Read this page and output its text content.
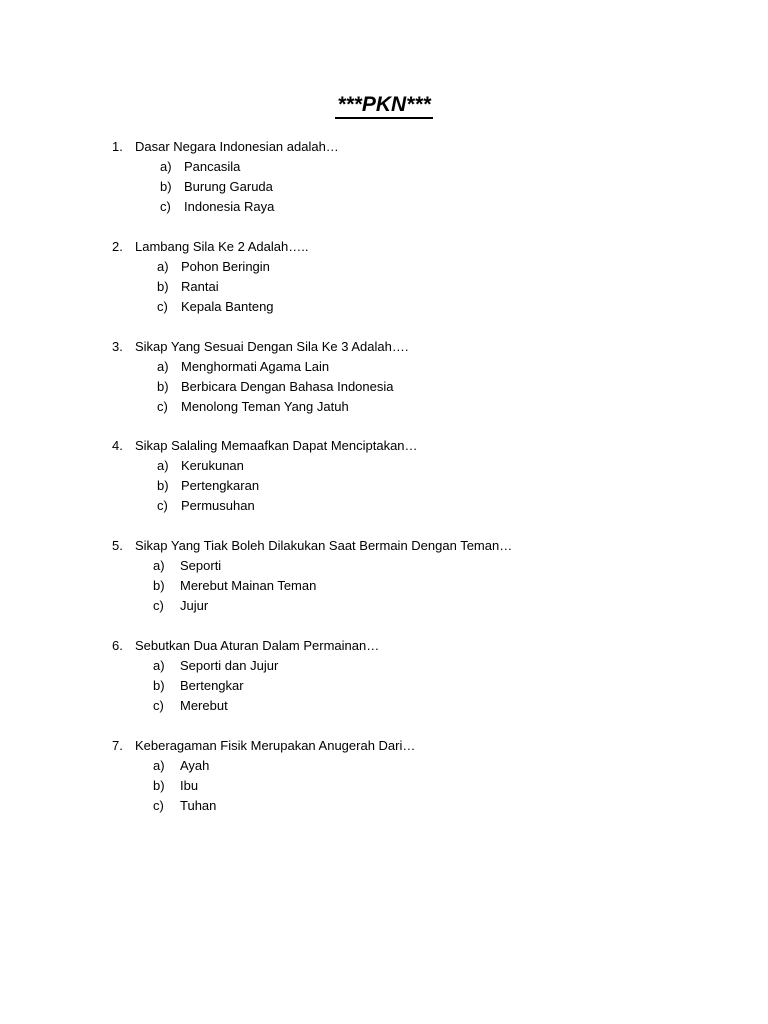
***PKN***
1. Dasar Negara Indonesian adalah…
a) Pancasila
b) Burung Garuda
c) Indonesia Raya
2. Lambang Sila Ke 2 Adalah…..
a) Pohon Beringin
b) Rantai
c) Kepala Banteng
3. Sikap Yang Sesuai Dengan Sila Ke 3 Adalah….
a) Menghormati Agama Lain
b) Berbicara Dengan Bahasa Indonesia
c) Menolong Teman Yang Jatuh
4. Sikap Salaling Memaafkan Dapat Menciptakan…
a) Kerukunan
b) Pertengkaran
c) Permusuhan
5. Sikap Yang Tiak Boleh Dilakukan Saat Bermain Dengan Teman…
a) Seporti
b) Merebut Mainan Teman
c) Jujur
6. Sebutkan Dua Aturan Dalam Permainan…
a) Seporti dan Jujur
b) Bertengkar
c) Merebut
7. Keberagaman Fisik Merupakan Anugerah Dari…
a) Ayah
b) Ibu
c) Tuhan
